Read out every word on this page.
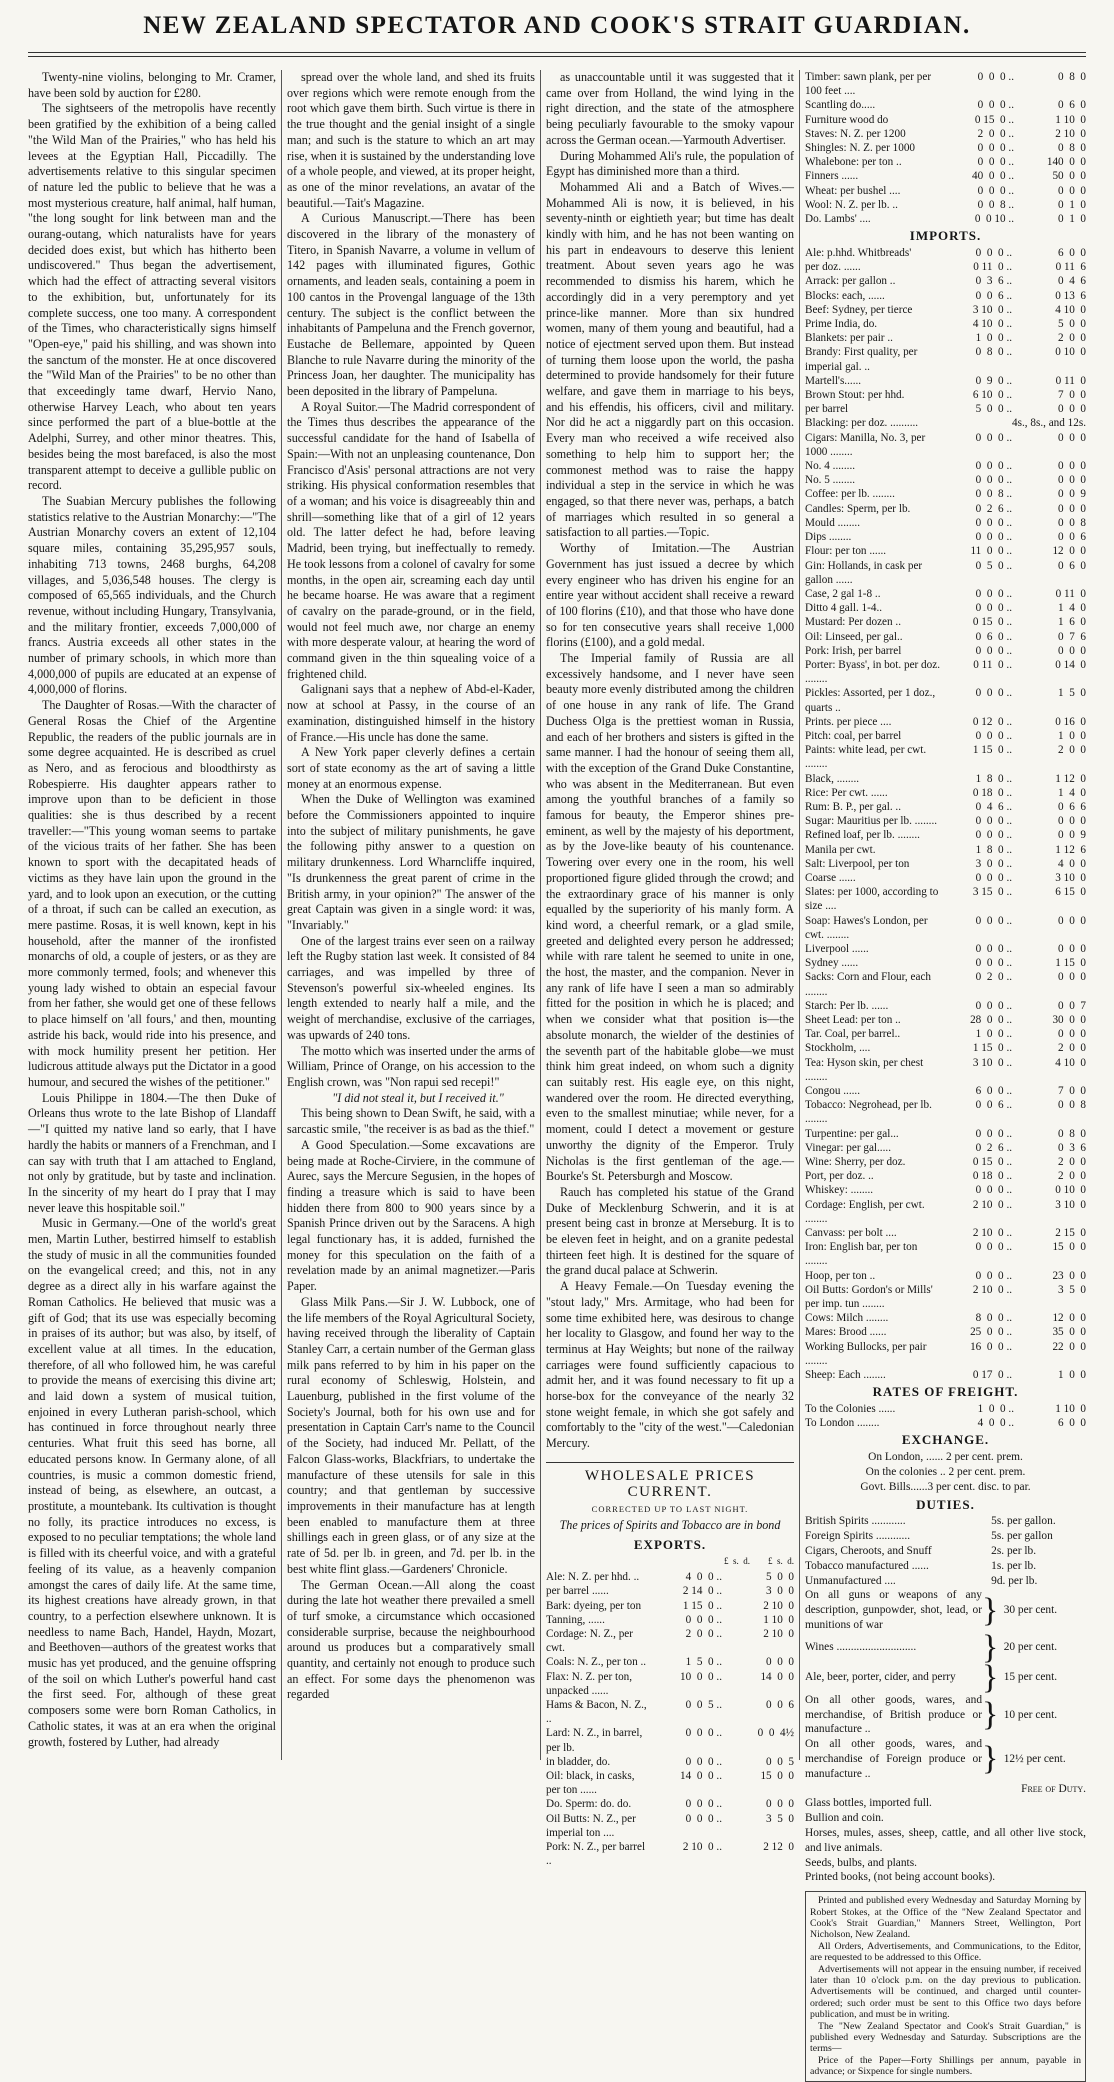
NEW ZEALAND SPECTATOR AND COOK'S STRAIT GUARDIAN.

Twenty-nine violins, belonging to Mr. Cramer, have been sold by auction for £280.

The sightseers of the metropolis have recently been gratified by the exhibition of a being called "the Wild Man of the Prairies," who has held his levees at the Egyptian Hall, Piccadilly. The advertisements relative to this singular specimen of nature led the public to believe that he was a most mysterious creature, half animal, half human, "the long sought for link between man and the ourang-outang, which naturalists have for years decided does exist, but which has hitherto been undiscovered." Thus began the advertisement, which had the effect of attracting several visitors to the exhibition, but, unfortunately for its complete success, one too many. A correspondent of the Times, who characteristically signs himself "Open-eye," paid his shilling, and was shown into the sanctum of the monster. He at once discovered the "Wild Man of the Prairies" to be no other than that exceedingly tame dwarf, Hervio Nano, otherwise Harvey Leach, who about ten years since performed the part of a blue-bottle at the Adelphi, Surrey, and other minor theatres. This, besides being the most barefaced, is also the most transparent attempt to deceive a gullible public on record.

The Suabian Mercury publishes the following statistics relative to the Austrian Monarchy:—"The Austrian Monarchy covers an extent of 12,104 square miles, containing 35,295,957 souls, inhabiting 713 towns, 2468 burghs, 64,208 villages, and 5,036,548 houses. The clergy is composed of 65,565 individuals, and the Church revenue, without including Hungary, Transylvania, and the military frontier, exceeds 7,000,000 of francs. Austria exceeds all other states in the number of primary schools, in which more than 4,000,000 of pupils are educated at an expense of 4,000,000 of florins.

The Daughter of Rosas.—With the character of General Rosas the Chief of the Argentine Republic, the readers of the public journals are in some degree acquainted. He is described as cruel as Nero, and as ferocious and bloodthirsty as Robespierre. His daughter appears rather to improve upon than to be deficient in those qualities: she is thus described by a recent traveller:—"This young woman seems to partake of the vicious traits of her father. She has been known to sport with the decapitated heads of victims as they have lain upon the ground in the yard, and to look upon an execution, or the cutting of a throat, if such can be called an execution, as mere pastime. Rosas, it is well known, kept in his household, after the manner of the ironfisted monarchs of old, a couple of jesters, or as they are more commonly termed, fools; and whenever this young lady wished to obtain an especial favour from her father, she would get one of these fellows to place himself on 'all fours,' and then, mounting astride his back, would ride into his presence, and with mock humility present her petition. Her ludicrous attitude always put the Dictator in a good humour, and secured the wishes of the petitioner."

Louis Philippe in 1804.—The then Duke of Orleans thus wrote to the late Bishop of Llandaff—"I quitted my native land so early, that I have hardly the habits or manners of a Frenchman, and I can say with truth that I am attached to England, not only by gratitude, but by taste and inclination. In the sincerity of my heart do I pray that I may never leave this hospitable soil."

Music in Germany.—One of the world's great men, Martin Luther, bestirred himself to establish the study of music in all the communities founded on the evangelical creed; and this, not in any degree as a direct ally in his warfare against the Roman Catholics. He believed that music was a gift of God; that its use was especially becoming in praises of its author; but was also, by itself, of excellent value at all times. In the education, therefore, of all who followed him, he was careful to provide the means of exercising this divine art; and laid down a system of musical tuition, enjoined in every Lutheran parish-school, which has continued in force throughout nearly three centuries. What fruit this seed has borne, all educated persons know. In Germany alone, of all countries, is music a common domestic friend, instead of being, as elsewhere, an outcast, a prostitute, a mountebank. Its cultivation is thought no folly, its practice introduces no excess, is exposed to no peculiar temptations; the whole land is filled with its cheerful voice, and with a grateful feeling of its value, as a heavenly companion amongst the cares of daily life. At the same time, its highest creations have already grown, in that country, to a perfection elsewhere unknown. It is needless to name Bach, Handel, Haydn, Mozart, and Beethoven—authors of the greatest works that music has yet produced, and the genuine offspring of the soil on which Luther's powerful hand cast the first seed. For, although of these great composers some were born Roman Catholics, in Catholic states, it was at an era when the original growth, fostered by Luther, had already

spread over the whole land, and shed its fruits over regions which were remote enough from the root which gave them birth. Such virtue is there in the true thought and the genial insight of a single man; and such is the stature to which an art may rise, when it is sustained by the understanding love of a whole people, and viewed, at its proper height, as one of the minor revelations, an avatar of the beautiful.—Tait's Magazine.

A Curious Manuscript.—There has been discovered in the library of the monastery of Titero, in Spanish Navarre, a volume in vellum of 142 pages with illuminated figures, Gothic ornaments, and leaden seals, containing a poem in 100 cantos in the Provengal language of the 13th century. The subject is the conflict between the inhabitants of Pampeluna and the French governor, Eustache de Bellemare, appointed by Queen Blanche to rule Navarre during the minority of the Princess Joan, her daughter. The municipality has been deposited in the library of Pampeluna.

A Royal Suitor.—The Madrid correspondent of the Times thus describes the appearance of the successful candidate for the hand of Isabella of Spain:—With not an unpleasing countenance, Don Francisco d'Asis' personal attractions are not very striking. His physical conformation resembles that of a woman; and his voice is disagreeably thin and shrill—something like that of a girl of 12 years old. The latter defect he had, before leaving Madrid, been trying, but ineffectually to remedy. He took lessons from a colonel of cavalry for some months, in the open air, screaming each day until he became hoarse. He was aware that a regiment of cavalry on the parade-ground, or in the field, would not feel much awe, nor charge an enemy with more desperate valour, at hearing the word of command given in the thin squealing voice of a frightened child.

Galignani says that a nephew of Abd-el-Kader, now at school at Passy, in the course of an examination, distinguished himself in the history of France.—His uncle has done the same.

A New York paper cleverly defines a certain sort of state economy as the art of saving a little money at an enormous expense.

When the Duke of Wellington was examined before the Commissioners appointed to inquire into the subject of military punishments, he gave the following pithy answer to a question on military drunkenness. Lord Wharncliffe inquired, "Is drunkenness the great parent of crime in the British army, in your opinion?" The answer of the great Captain was given in a single word: it was, "Invariably."

One of the largest trains ever seen on a railway left the Rugby station last week. It consisted of 84 carriages, and was impelled by three of Stevenson's powerful six-wheeled engines. Its length extended to nearly half a mile, and the weight of merchandise, exclusive of the carriages, was upwards of 240 tons.

The motto which was inserted under the arms of William, Prince of Orange, on his accession to the English crown, was "Non rapui sed recepi!"

"I did not steal it, but I received it."

This being shown to Dean Swift, he said, with a sarcastic smile, "the receiver is as bad as the thief."

A Good Speculation.—Some excavations are being made at Roche-Cirviere, in the commune of Aurec, says the Mercure Segusien, in the hopes of finding a treasure which is said to have been hidden there from 800 to 900 years since by a Spanish Prince driven out by the Saracens. A high legal functionary has, it is added, furnished the money for this speculation on the faith of a revelation made by an animal magnetizer.—Paris Paper.

Glass Milk Pans.—Sir J. W. Lubbock, one of the life members of the Royal Agricultural Society, having received through the liberality of Captain Stanley Carr, a certain number of the German glass milk pans referred to by him in his paper on the rural economy of Schleswig, Holstein, and Lauenburg, published in the first volume of the Society's Journal, both for his own use and for presentation in Captain Carr's name to the Council of the Society, had induced Mr. Pellatt, of the Falcon Glass-works, Blackfriars, to undertake the manufacture of these utensils for sale in this country; and that gentleman by successive improvements in their manufacture has at length been enabled to manufacture them at three shillings each in green glass, or of any size at the rate of 5d. per lb. in green, and 7d. per lb. in the best white flint glass.—Gardeners' Chronicle.

The German Ocean.—All along the coast during the late hot weather there prevailed a smell of turf smoke, a circumstance which occasioned considerable surprise, because the neighbourhood around us produces but a comparatively small quantity, and certainly not enough to produce such an effect. For some days the phenomenon was regarded

as unaccountable until it was suggested that it came over from Holland, the wind lying in the right direction, and the state of the atmosphere being peculiarly favourable to the smoky vapour across the German ocean.—Yarmouth Advertiser.

During Mohammed Ali's rule, the population of Egypt has diminished more than a third.

Mohammed Ali and a Batch of Wives.—Mohammed Ali is now, it is believed, in his seventy-ninth or eightieth year; but time has dealt kindly with him, and he has not been wanting on his part in endeavours to deserve this lenient treatment. About seven years ago he was recommended to dismiss his harem, which he accordingly did in a very peremptory and yet prince-like manner. More than six hundred women, many of them young and beautiful, had a notice of ejectment served upon them. But instead of turning them loose upon the world, the pasha determined to provide handsomely for their future welfare, and gave them in marriage to his beys, and his effendis, his officers, civil and military. Nor did he act a niggardly part on this occasion. Every man who received a wife received also something to help him to support her; the commonest method was to raise the happy individual a step in the service in which he was engaged, so that there never was, perhaps, a batch of marriages which resulted in so general a satisfaction to all parties.—Topic.

Worthy of Imitation.—The Austrian Government has just issued a decree by which every engineer who has driven his engine for an entire year without accident shall receive a reward of 100 florins (£10), and that those who have done so for ten consecutive years shall receive 1,000 florins (£100), and a gold medal.

The Imperial family of Russia are all excessively handsome, and I never have seen beauty more evenly distributed among the children of one house in any rank of life. The Grand Duchess Olga is the prettiest woman in Russia, and each of her brothers and sisters is gifted in the same manner. I had the honour of seeing them all, with the exception of the Grand Duke Constantine, who was absent in the Mediterranean. But even among the youthful branches of a family so famous for beauty, the Emperor shines pre-eminent, as well by the majesty of his deportment, as by the Jove-like beauty of his countenance. Towering over every one in the room, his well proportioned figure glided through the crowd; and the extraordinary grace of his manner is only equalled by the superiority of his manly form. A kind word, a cheerful remark, or a glad smile, greeted and delighted every person he addressed; while with rare talent he seemed to unite in one, the host, the master, and the companion. Never in any rank of life have I seen a man so admirably fitted for the position in which he is placed; and when we consider what that position is—the absolute monarch, the wielder of the destinies of the seventh part of the habitable globe—we must think him great indeed, on whom such a dignity can suitably rest. His eagle eye, on this night, wandered over the room. He directed everything, even to the smallest minutiae; while never, for a moment, could I detect a movement or gesture unworthy the dignity of the Emperor. Truly Nicholas is the first gentleman of the age.—Bourke's St. Petersburgh and Moscow.

Rauch has completed his statue of the Grand Duke of Mecklenburg Schwerin, and it is at present being cast in bronze at Merseburg. It is to be eleven feet in height, and on a granite pedestal thirteen feet high. It is destined for the square of the grand ducal palace at Schwerin.

A Heavy Female.—On Tuesday evening the "stout lady," Mrs. Armitage, who had been for some time exhibited here, was desirous to change her locality to Glasgow, and found her way to the terminus at Hay Weights; but none of the railway carriages were found sufficiently capacious to admit her, and it was found necessary to fit up a horse-box for the conveyance of the nearly 32 stone weight female, in which she got safely and comfortably to the "city of the west."—Caledonian Mercury.

WHOLESALE PRICES CURRENT.
CORRECTED UP TO LAST NIGHT.
The prices of Spirits and Tobacco are in bond
EXPORTS.
£  s.  d.        £  s.  d.
Ale: N. Z. per hhd. ..	4  0  0 ..	5  0  0
per barrel ......	2 14  0 ..	3  0  0
Bark: dyeing, per ton	1 15  0 ..	2 10  0
Tanning, ......	0  0  0 ..	1 10  0
Cordage: N. Z., per cwt.	2  0  0 ..	2 10  0
Coals: N. Z., per ton ..	1  5  0 ..	0  0  0
Flax: N. Z. per ton, unpacked ......	10  0  0 ..	14  0  0
Hams & Bacon, N. Z., ..	0  0  5 ..	0  0  6
Lard: N. Z., in barrel, per lb.	0  0  0 ..	0  0  4½
in bladder, do.	0  0  0 ..	0  0  5
Oil: black, in casks, per ton ......	14  0  0 ..	15  0  0
Do. Sperm: do. do.	0  0  0 ..	0  0  0
Oil Butts: N. Z., per imperial ton ....	0  0  0 ..	3  5  0
Pork: N. Z., per barrel ..	2 10  0 ..	2 12  0
Timber: sawn plank, per per 100 feet ....	0  0  0 ..	0  8  0
Scantling do.....	0  0  0 ..	0  6  0
Furniture wood do	0 15  0 ..	1 10  0
Staves: N. Z. per 1200	2  0  0 ..	2 10  0
Shingles: N. Z. per 1000	0  0  0 ..	0  8  0
Whalebone: per ton ..	0  0  0 ..	140  0  0
Finners ......	40  0  0 ..	50  0  0
Wheat: per bushel ....	0  0  0 ..	0  0  0
Wool: N. Z. per lb. ..	0  0  8 ..	0  1  0
Do. Lambs' ....	0  0 10 ..	0  1  0
IMPORTS.
Ale: p.hhd. Whitbreads'	0  0  0 ..	6  0  0
per doz. ......	0 11  0 ..	0 11  6
Arrack: per gallon ..	0  3  6 ..	0  4  6
Blocks: each, ......	0  0  6 ..	0 13  6
Beef: Sydney, per tierce	3 10  0 ..	4 10  0
Prime India, do.	4 10  0 ..	5  0  0
Blankets: per pair ..	1  0  0 ..	2  0  0
Brandy: First quality, per imperial gal. ..	0  8  0 ..	0 10  0
Martell's......	0  9  0 ..	0 11  0
Brown Stout: per hhd.	6 10  0 ..	7  0  0
per barrel	5  0  0 ..	0  0  0
Blacking: per doz. ..........		4s., 8s., and 12s.
Cigars: Manilla, No. 3, per 1000 ........	0  0  0 ..	0  0  0
No. 4 ........	0  0  0 ..	0  0  0
No. 5 ........	0  0  0 ..	0  0  0
Coffee: per lb. ........	0  0  8 ..	0  0  9
Candles: Sperm, per lb.	0  2  6 ..	0  0  0
Mould ........	0  0  0 ..	0  0  8
Dips ........	0  0  0 ..	0  0  6
Flour: per ton ......	11  0  0 ..	12  0  0
Gin: Hollands, in cask per gallon ......	0  5  0 ..	0  6  0
Case, 2 gal 1-8 ..	0  0  0 ..	0 11  0
Ditto 4 gall. 1-4..	0  0  0 ..	1  4  0
Mustard: Per dozen ..	0 15  0 ..	1  6  0
Oil: Linseed, per gal..	0  6  0 ..	0  7  6
Pork: Irish, per barrel	0  0  0 ..	0  0  0
Porter: Byass', in bot. per doz. ........	0 11  0 ..	0 14  0
Pickles: Assorted, per 1 doz., quarts ..	0  0  0 ..	1  5  0
Prints. per piece ....	0 12  0 ..	0 16  0
Pitch: coal, per barrel	0  0  0 ..	1  0  0
Paints: white lead, per cwt. ........	1 15  0 ..	2  0  0
Black, ........	1  8  0 ..	1 12  0
Rice: Per cwt. ......	0 18  0 ..	1  4  0
Rum: B. P., per gal. ..	0  4  6 ..	0  6  6
Sugar: Mauritius per lb. ........	0  0  0 ..	0  0  0
Refined loaf, per lb. ........	0  0  0 ..	0  0  9
Manila per cwt.	1  8  0 ..	1 12  6
Salt: Liverpool, per ton	3  0  0 ..	4  0  0
Coarse ......	0  0  0 ..	3 10  0
Slates: per 1000, according to size ....	3 15  0 ..	6 15  0
Soap: Hawes's London, per cwt. ........	0  0  0 ..	0  0  0
Liverpool ......	0  0  0 ..	0  0  0
Sydney ......	0  0  0 ..	1 15  0
Sacks: Corn and Flour, each ........	0  2  0 ..	0  0  0
Starch: Per lb. ......	0  0  0 ..	0  0  7
Sheet Lead: per ton ..	28  0  0 ..	30  0  0
Tar. Coal, per barrel..	1  0  0 ..	0  0  0
Stockholm, ....	1 15  0 ..	2  0  0
Tea: Hyson skin, per chest ........	3 10  0 ..	4 10  0
Congou ......	6  0  0 ..	7  0  0
Tobacco: Negrohead, per lb. ........	0  0  6 ..	0  0  8
Turpentine: per gal...	0  0  0 ..	0  8  0
Vinegar: per gal.....	0  2  6 ..	0  3  6
Wine: Sherry, per doz.	0 15  0 ..	2  0  0
Port, per doz. ..	0 18  0 ..	2  0  0
Whiskey: ........	0  0  0 ..	0 10  0
Cordage: English, per cwt. ........	2 10  0 ..	3 10  0
Canvass: per bolt ....	2 10  0 ..	2 15  0
Iron: English bar, per ton ........	0  0  0 ..	15  0  0
Hoop, per ton ..	0  0  0 ..	23  0  0
Oil Butts: Gordon's or Mills' per imp. tun ........	2 10  0 ..	3  5  0
Cows: Milch ........	8  0  0 ..	12  0  0
Mares: Brood ......	25  0  0 ..	35  0  0
Working Bullocks, per pair ........	16  0  0 ..	22  0  0
Sheep: Each ........	0 17  0 ..	1  0  0
RATES OF FREIGHT.
To the Colonies ......	1  0  0 ..	1 10  0
To London ........	4  0  0 ..	6  0  0
EXCHANGE.
On London, ...... 2 per cent. prem.
On the colonies .. 2 per cent. prem.
Govt. Bills......3 per cent. disc. to par.
DUTIES.
British Spirits ............	5s. per gallon.
Foreign Spirits ............	5s. per gallon
Cigars, Cheroots, and Snuff	2s. per lb.
Tobacco manufactured ......	1s. per lb.
Unmanufactured ....	9d. per lb.
On all guns or weapons of any description, gunpowder, shot, lead, or munitions of war	}	30 per cent.
Wines ............................	}	20 per cent.
Ale, beer, porter, cider, and perry	}	15 per cent.
On all other goods, wares, and merchandise, of British produce or manufacture ..	}	10 per cent.
On all other goods, wares, and merchandise of Foreign produce or manufacture ..	}	12½ per cent.
Free of Duty.
Glass bottles, imported full.
Bullion and coin.
Horses, mules, asses, sheep, cattle, and all other live stock, and live animals.
Seeds, bulbs, and plants.
Printed books, (not being account books).

Printed and published every Wednesday and Saturday Morning by Robert Stokes, at the Office of the "New Zealand Spectator and Cook's Strait Guardian," Manners Street, Wellington, Port Nicholson, New Zealand.

All Orders, Advertisements, and Communications, to the Editor, are requested to be addressed to this Office.

Advertisements will not appear in the ensuing number, if received later than 10 o'clock p.m. on the day previous to publication. Advertisements will be continued, and charged until counter-ordered; such order must be sent to this Office two days before publication, and must be in writing.

The "New Zealand Spectator and Cook's Strait Guardian," is published every Wednesday and Saturday. Subscriptions are the terms—

Price of the Paper—Forty Shillings per annum, payable in advance; or Sixpence for single numbers.
